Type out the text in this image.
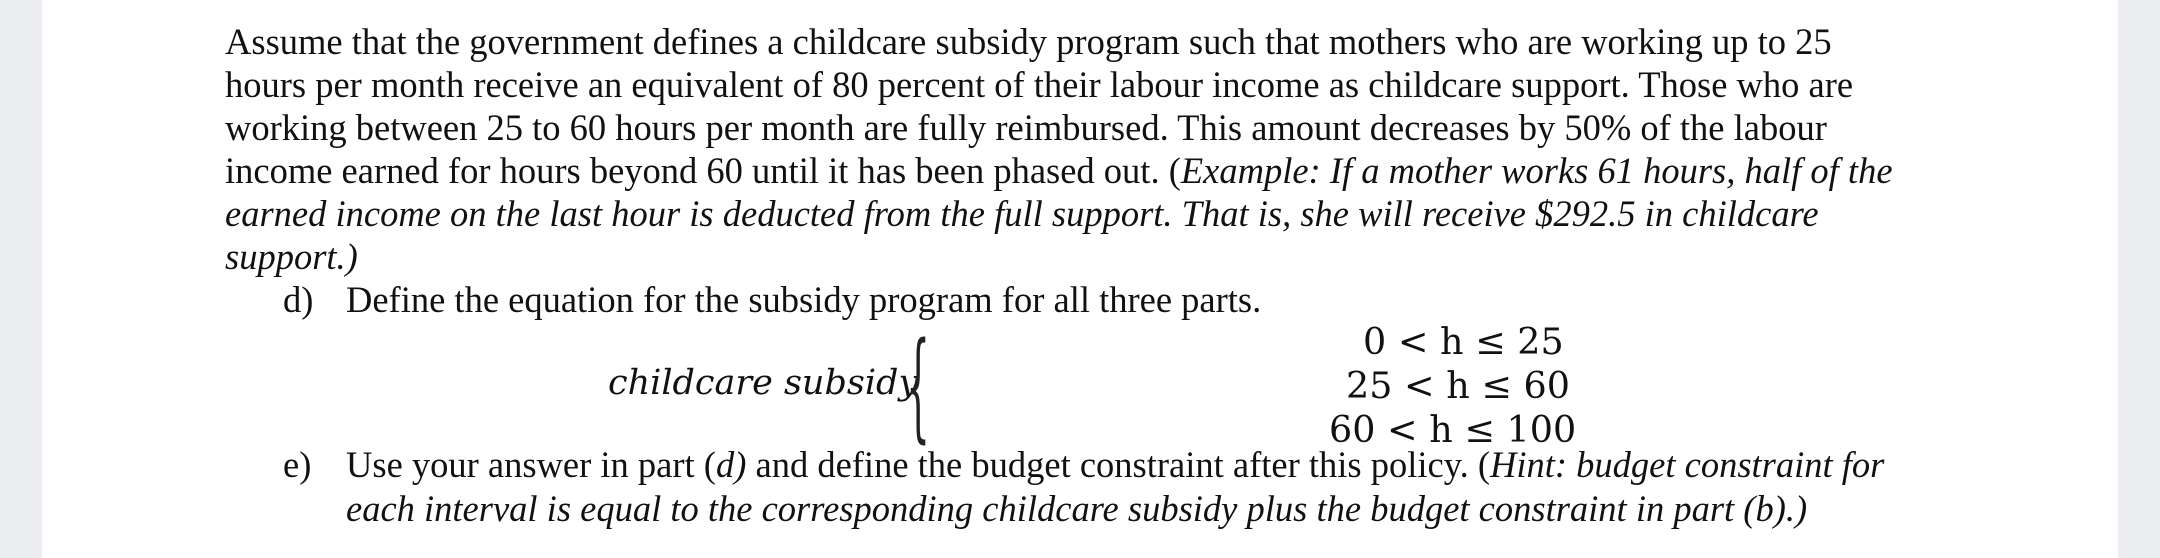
Assume that the government defines a childcare subsidy program such that mothers who are working up to 25
hours per month receive an equivalent of 80 percent of their labour income as childcare support. Those who are
working between 25 to 60 hours per month are fully reimbursed. This amount decreases by 50% of the labour
income earned for hours beyond 60 until it has been phased out. (Example: If a mother works 61 hours, half of the
earned income on the last hour is deducted from the full support. That is, she will receive $292.5 in childcare
support.)
d) Define the equation for the subsidy program for all three parts.
childcare subsidy
{	0 < h ≤ 25
25 < h ≤ 60
60 < h ≤ 100
e) Use your answer in part (d) and define the budget constraint after this policy. (Hint: budget constraint for
each interval is equal to the corresponding childcare subsidy plus the budget constraint in part (b).)
